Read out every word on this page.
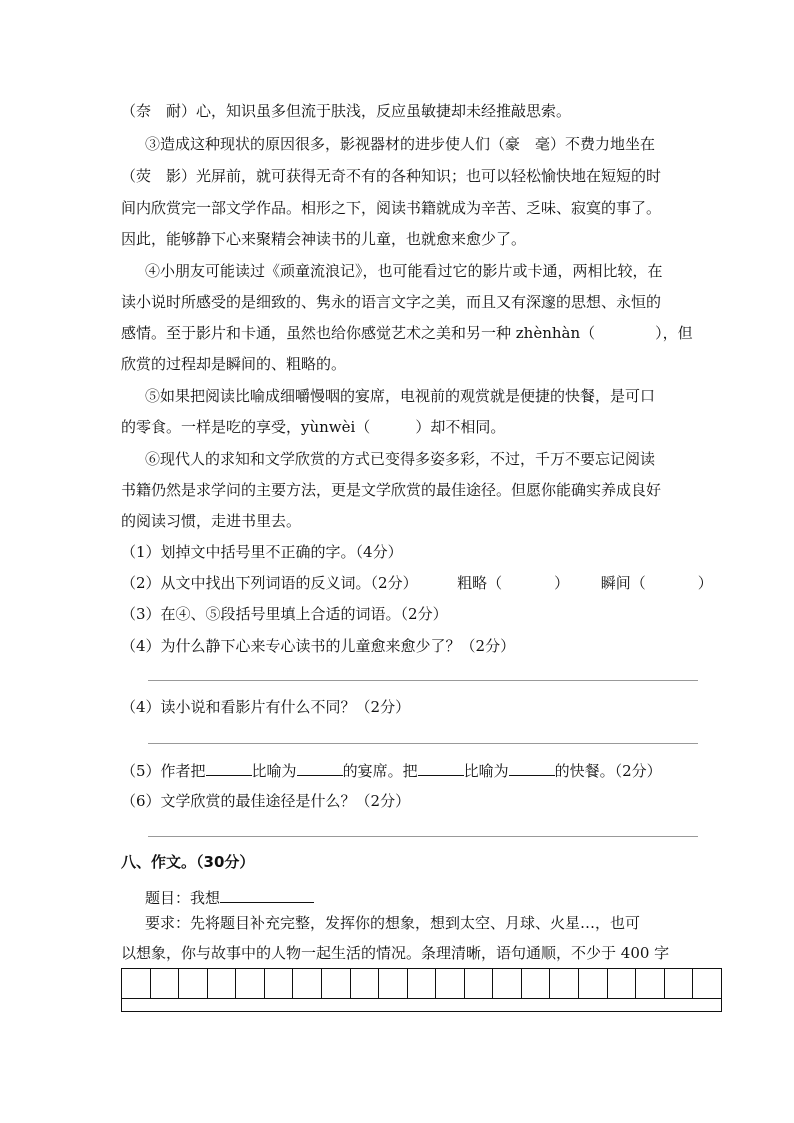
（奈　耐）心，知识虽多但流于肤浅，反应虽敏捷却未经推敲思索。
③造成这种现状的原因很多，影视器材的进步使人们（豪　毫）不费力地坐在
（荧　影）光屏前，就可获得无奇不有的各种知识；也可以轻松愉快地在短短的时
间内欣赏完一部文学作品。相形之下，阅读书籍就成为辛苦、乏味、寂寞的事了。
因此，能够静下心来聚精会神读书的儿童，也就愈来愈少了。
④小朋友可能读过《顽童流浪记》，也可能看过它的影片或卡通，两相比较，在
读小说时所感受的是细致的、隽永的语言文字之美，而且又有深邃的思想、永恒的
感情。至于影片和卡通，虽然也给你感觉艺术之美和另一种 zhènhàn（	），但
欣赏的过程却是瞬间的、粗略的。
⑤如果把阅读比喻成细嚼慢咽的宴席，电视前的观赏就是便捷的快餐，是可口
的零食。一样是吃的享受，yùnwèi（	）却不相同。
⑥现代人的求知和文学欣赏的方式已变得多姿多彩，不过，千万不要忘记阅读
书籍仍然是求学问的主要方法，更是文学欣赏的最佳途径。但愿你能确实养成良好
的阅读习惯，走进书里去。
（1）划掉文中括号里不正确的字。（4分）
（2）从文中找出下列词语的反义词。（2分）	粗略（	） 瞬间（	）
（3）在④、⑤段括号里填上合适的词语。（2分）
（4）为什么静下心来专心读书的儿童愈来愈少了？（2分）
（4）读小说和看影片有什么不同？（2分）
（5）作者把	比喻为	的宴席。把	比喻为	的快餐。（2分）
（6）文学欣赏的最佳途径是什么？（2分）
八、作文。（30分）
题目：我想
要求：先将题目补充完整，发挥你的想象，想到太空、月球、火星…，也可
以想象，你与故事中的人物一起生活的情况。条理清晰，语句通顺，不少于 400 字
